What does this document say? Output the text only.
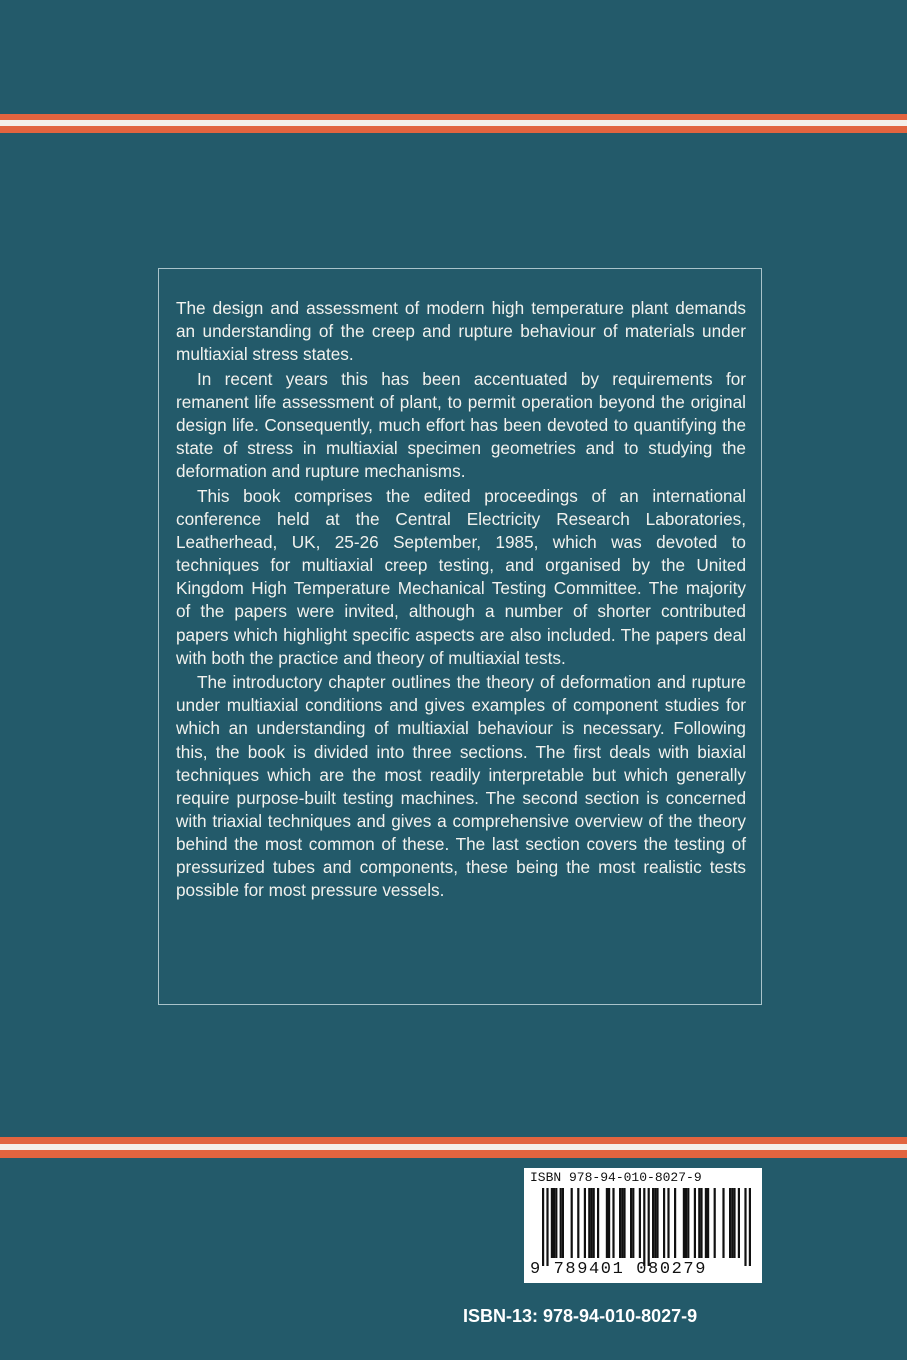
The design and assessment of modern high temperature plant demands an understanding of the creep and rupture behaviour of materials under multiaxial stress states.

In recent years this has been accentuated by requirements for remanent life assessment of plant, to permit operation beyond the original design life. Consequently, much effort has been devoted to quantifying the state of stress in multiaxial specimen geometries and to studying the deformation and rupture mechanisms.

This book comprises the edited proceedings of an international conference held at the Central Electricity Research Laboratories, Leatherhead, UK, 25-26 September, 1985, which was devoted to techniques for multiaxial creep testing, and organised by the United Kingdom High Temperature Mechanical Testing Committee. The majority of the papers were invited, although a number of shorter contributed papers which highlight specific aspects are also included. The papers deal with both the practice and theory of multiaxial tests.

The introductory chapter outlines the theory of deformation and rupture under multiaxial conditions and gives examples of component studies for which an understanding of multiaxial behaviour is necessary. Following this, the book is divided into three sections. The first deals with biaxial techniques which are the most readily interpretable but which generally require purpose-built testing machines. The second section is concerned with triaxial techniques and gives a comprehensive overview of the theory behind the most common of these. The last section covers the testing of pressurized tubes and components, these being the most realistic tests possible for most pressure vessels.

ISBN 978-94-010-8027-9
9 789401 080279
ISBN-13: 978-94-010-8027-9
